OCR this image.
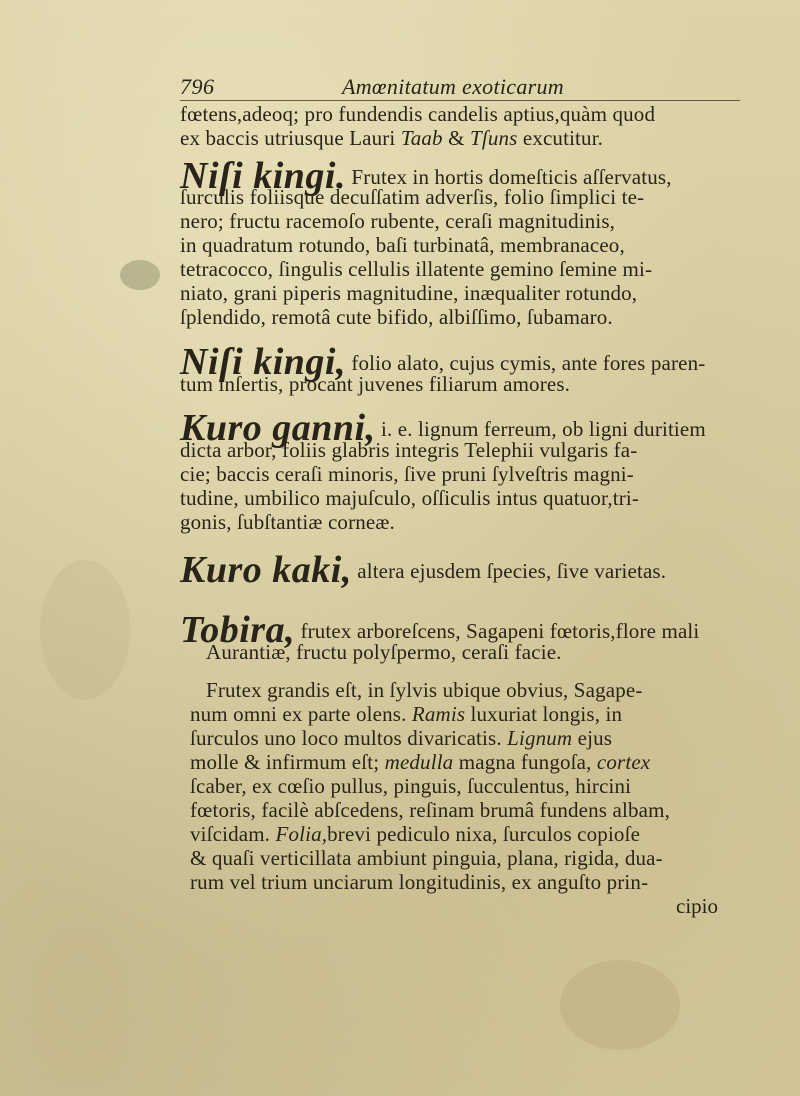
796	Amœnitatum exoticarum
fœtens,adeoq; pro fundendis candelis aptius,quàm quod
ex baccis utriusque Lauri Taab & Tſuns excutitur.
Niſi kingi. Frutex in hortis domeſticis aſſervatus,
ſurculis foliisque decuſſatim adverſis, folio ſimplici te-
nero; fructu racemoſo rubente, ceraſi magnitudinis,
in quadratum rotundo, baſi turbinatâ, membranaceo,
tetracocco, ſingulis cellulis illatente gemino ſemine mi-
niato, grani piperis magnitudine, inæqualiter rotundo,
ſplendido, remotâ cute bifido, albiſſimo, ſubamaro.
Niſi kingi, folio alato, cujus cymis, ante fores paren-
tum inſertis, procant juvenes filiarum amores.
Kuro ganni, i. e. lignum ferreum, ob ligni duritiem
dicta arbor, foliis glabris integris Telephii vulgaris fa-
cie; baccis ceraſi minoris, ſive pruni ſylveſtris magni-
tudine, umbilico majuſculo, oſſiculis intus quatuor,tri-
gonis, ſubſtantiæ corneæ.
Kuro kaki, altera ejusdem ſpecies, ſive varietas.
Tobira, frutex arboreſcens, Sagapeni fœtoris,flore mali
Aurantiæ, fructu polyſpermo, ceraſi facie.
Frutex grandis eſt, in ſylvis ubique obvius, Sagape-
num omni ex parte olens. Ramis luxuriat longis, in
ſurculos uno loco multos divaricatis. Lignum ejus
molle & infirmum eſt; medulla magna fungoſa, cortex
ſcaber, ex cœſio pullus, pinguis, ſucculentus, hircini
fœtoris, facilè abſcedens, reſinam brumâ fundens albam,
viſcidam. Folia,brevi pediculo nixa, ſurculos copioſe
& quaſi verticillata ambiunt pinguia, plana, rigida, dua-
rum vel trium unciarum longitudinis, ex anguſto prin-
cipio
